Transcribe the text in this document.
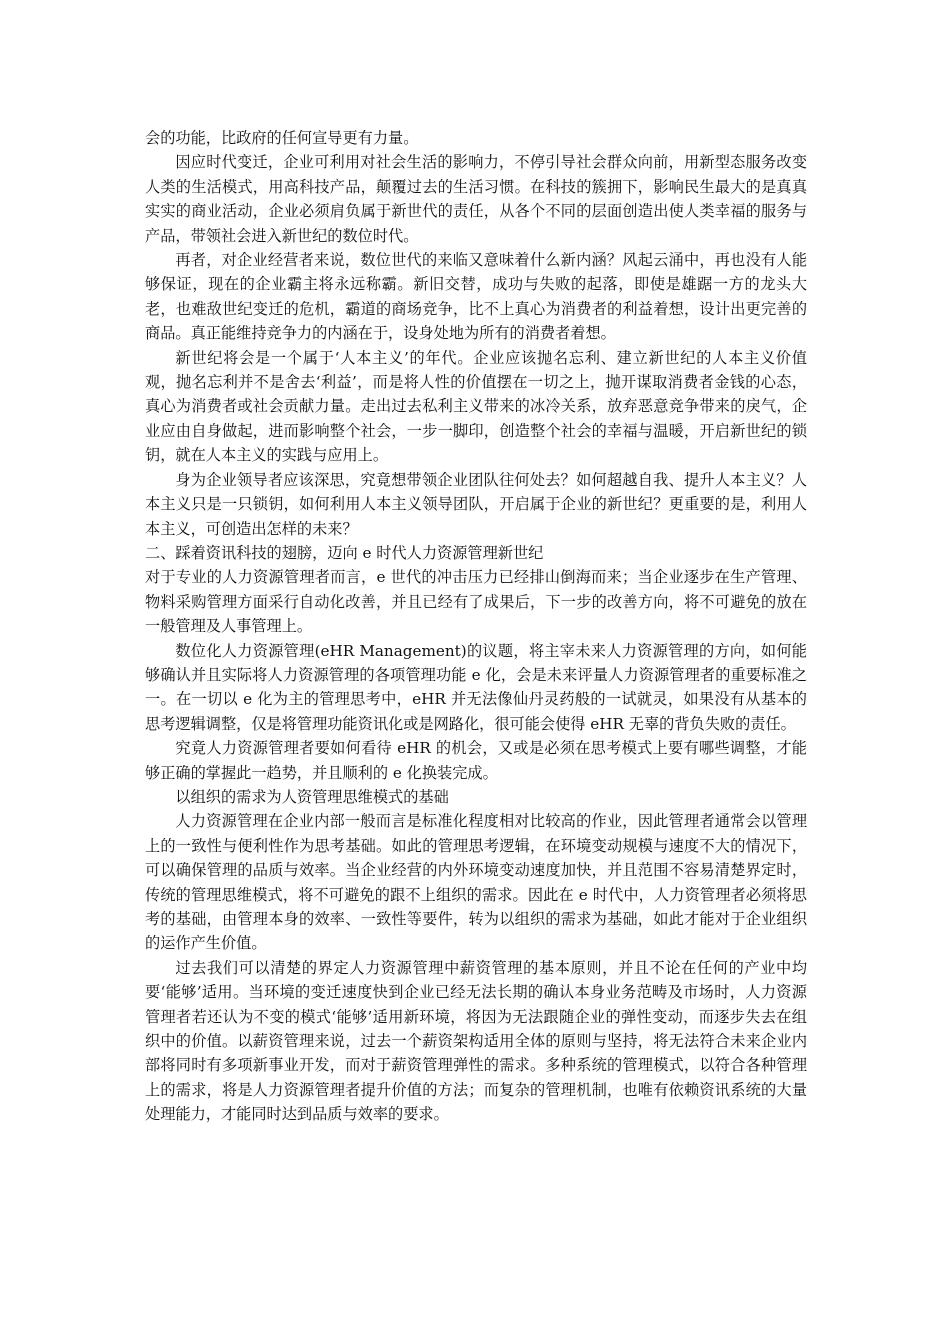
会的功能，比政府的任何宣导更有力量。

因应时代变迁，企业可利用对社会生活的影响力，不停引导社会群众向前，用新型态服务改变人类的生活模式，用高科技产品，颠覆过去的生活习惯。在科技的簇拥下，影响民生最大的是真真实实的商业活动，企业必须肩负属于新世代的责任，从各个不同的层面创造出使人类幸福的服务与产品，带领社会进入新世纪的数位时代。

再者，对企业经营者来说，数位世代的来临又意味着什么新内涵？风起云涌中，再也没有人能够保证，现在的企业霸主将永远称霸。新旧交替，成功与失败的起落，即使是雄踞一方的龙头大老，也难敌世纪变迁的危机，霸道的商场竞争，比不上真心为消费者的利益着想，设计出更完善的商品。真正能维持竞争力的内涵在于，设身处地为所有的消费者着想。

新世纪将会是一个属于‘人本主义’的年代。企业应该抛名忘利、建立新世纪的人本主义价值观，抛名忘利并不是舍去‘利益’，而是将人性的价值摆在一切之上，抛开谋取消费者金钱的心态，真心为消费者或社会贡献力量。走出过去私利主义带来的冰冷关系，放弃恶意竞争带来的戾气，企业应由自身做起，进而影响整个社会，一步一脚印，创造整个社会的幸福与温暖，开启新世纪的锁钥，就在人本主义的实践与应用上。

身为企业领导者应该深思，究竟想带领企业团队往何处去？如何超越自我、提升人本主义？人本主义只是一只锁钥，如何利用人本主义领导团队，开启属于企业的新世纪？更重要的是，利用人本主义，可创造出怎样的未来？

二、踩着资讯科技的翅膀，迈向 e 时代人力资源管理新世纪

对于专业的人力资源管理者而言，e 世代的冲击压力已经排山倒海而来；当企业逐步在生产管理、物料采购管理方面采行自动化改善，并且已经有了成果后，下一步的改善方向，将不可避免的放在一般管理及人事管理上。

数位化人力资源管理(eHR Management)的议题，将主宰未来人力资源管理的方向，如何能够确认并且实际将人力资源管理的各项管理功能 e 化，会是未来评量人力资源管理者的重要标准之一。在一切以 e 化为主的管理思考中，eHR 并无法像仙丹灵药般的一试就灵，如果没有从基本的思考逻辑调整，仅是将管理功能资讯化或是网路化，很可能会使得 eHR 无辜的背负失败的责任。

究竟人力资源管理者要如何看待 eHR 的机会，又或是必须在思考模式上要有哪些调整，才能够正确的掌握此一趋势，并且顺利的 e 化换装完成。

以组织的需求为人资管理思维模式的基础

人力资源管理在企业内部一般而言是标准化程度相对比较高的作业，因此管理者通常会以管理上的一致性与便利性作为思考基础。如此的管理思考逻辑，在环境变动规模与速度不大的情况下，可以确保管理的品质与效率。当企业经营的内外环境变动速度加快，并且范围不容易清楚界定时，传统的管理思维模式，将不可避免的跟不上组织的需求。因此在 e 时代中，人力资管理者必须将思考的基础，由管理本身的效率、一致性等要件，转为以组织的需求为基础，如此才能对于企业组织的运作产生价值。

过去我们可以清楚的界定人力资源管理中薪资管理的基本原则，并且不论在任何的产业中均要‘能够’适用。当环境的变迁速度快到企业已经无法长期的确认本身业务范畴及市场时，人力资源管理者若还认为不变的模式‘能够’适用新环境，将因为无法跟随企业的弹性变动，而逐步失去在组织中的价值。以薪资管理来说，过去一个薪资架构适用全体的原则与坚持，将无法符合未来企业内部将同时有多项新事业开发，而对于薪资管理弹性的需求。多种系统的管理模式，以符合各种管理上的需求，将是人力资源管理者提升价值的方法；而复杂的管理机制，也唯有依赖资讯系统的大量处理能力，才能同时达到品质与效率的要求。
